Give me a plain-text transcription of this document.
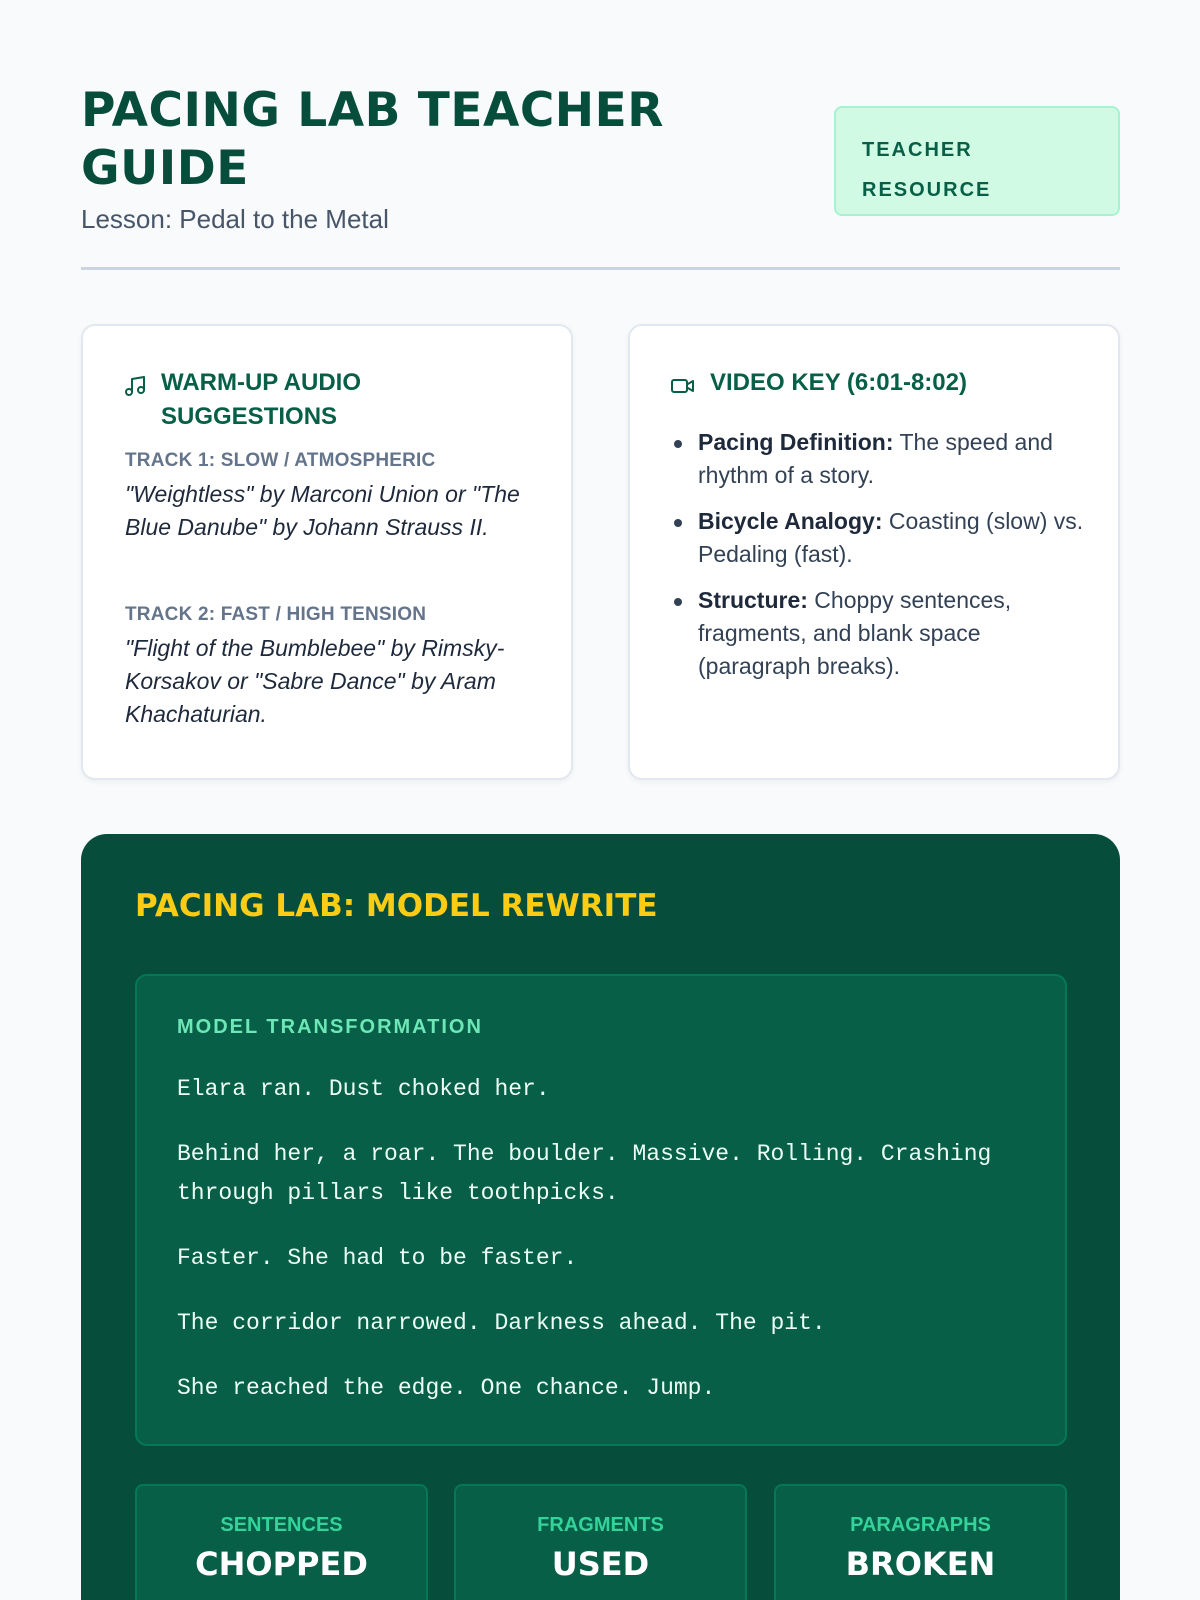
PACING LAB TEACHER GUIDE
Lesson: Pedal to the Metal
TEACHER
RESOURCE
WARM-UP AUDIO SUGGESTIONS
TRACK 1: SLOW / ATMOSPHERIC
"Weightless" by Marconi Union or "The Blue Danube" by Johann Strauss II.
TRACK 2: FAST / HIGH TENSION
"Flight of the Bumblebee" by Rimsky-Korsakov or "Sabre Dance" by Aram Khachaturian.
VIDEO KEY (6:01-8:02)
Pacing Definition: The speed and rhythm of a story.
Bicycle Analogy: Coasting (slow) vs. Pedaling (fast).
Structure: Choppy sentences, fragments, and blank space (paragraph breaks).
PACING LAB: MODEL REWRITE
MODEL TRANSFORMATION

Elara ran. Dust choked her.

Behind her, a roar. The boulder. Massive. Rolling. Crashing through pillars like toothpicks.

Faster. She had to be faster.

The corridor narrowed. Darkness ahead. The pit.

She reached the edge. One chance. Jump.

SENTENCES
CHOPPED
FRAGMENTS
USED
PARAGRAPHS
BROKEN
